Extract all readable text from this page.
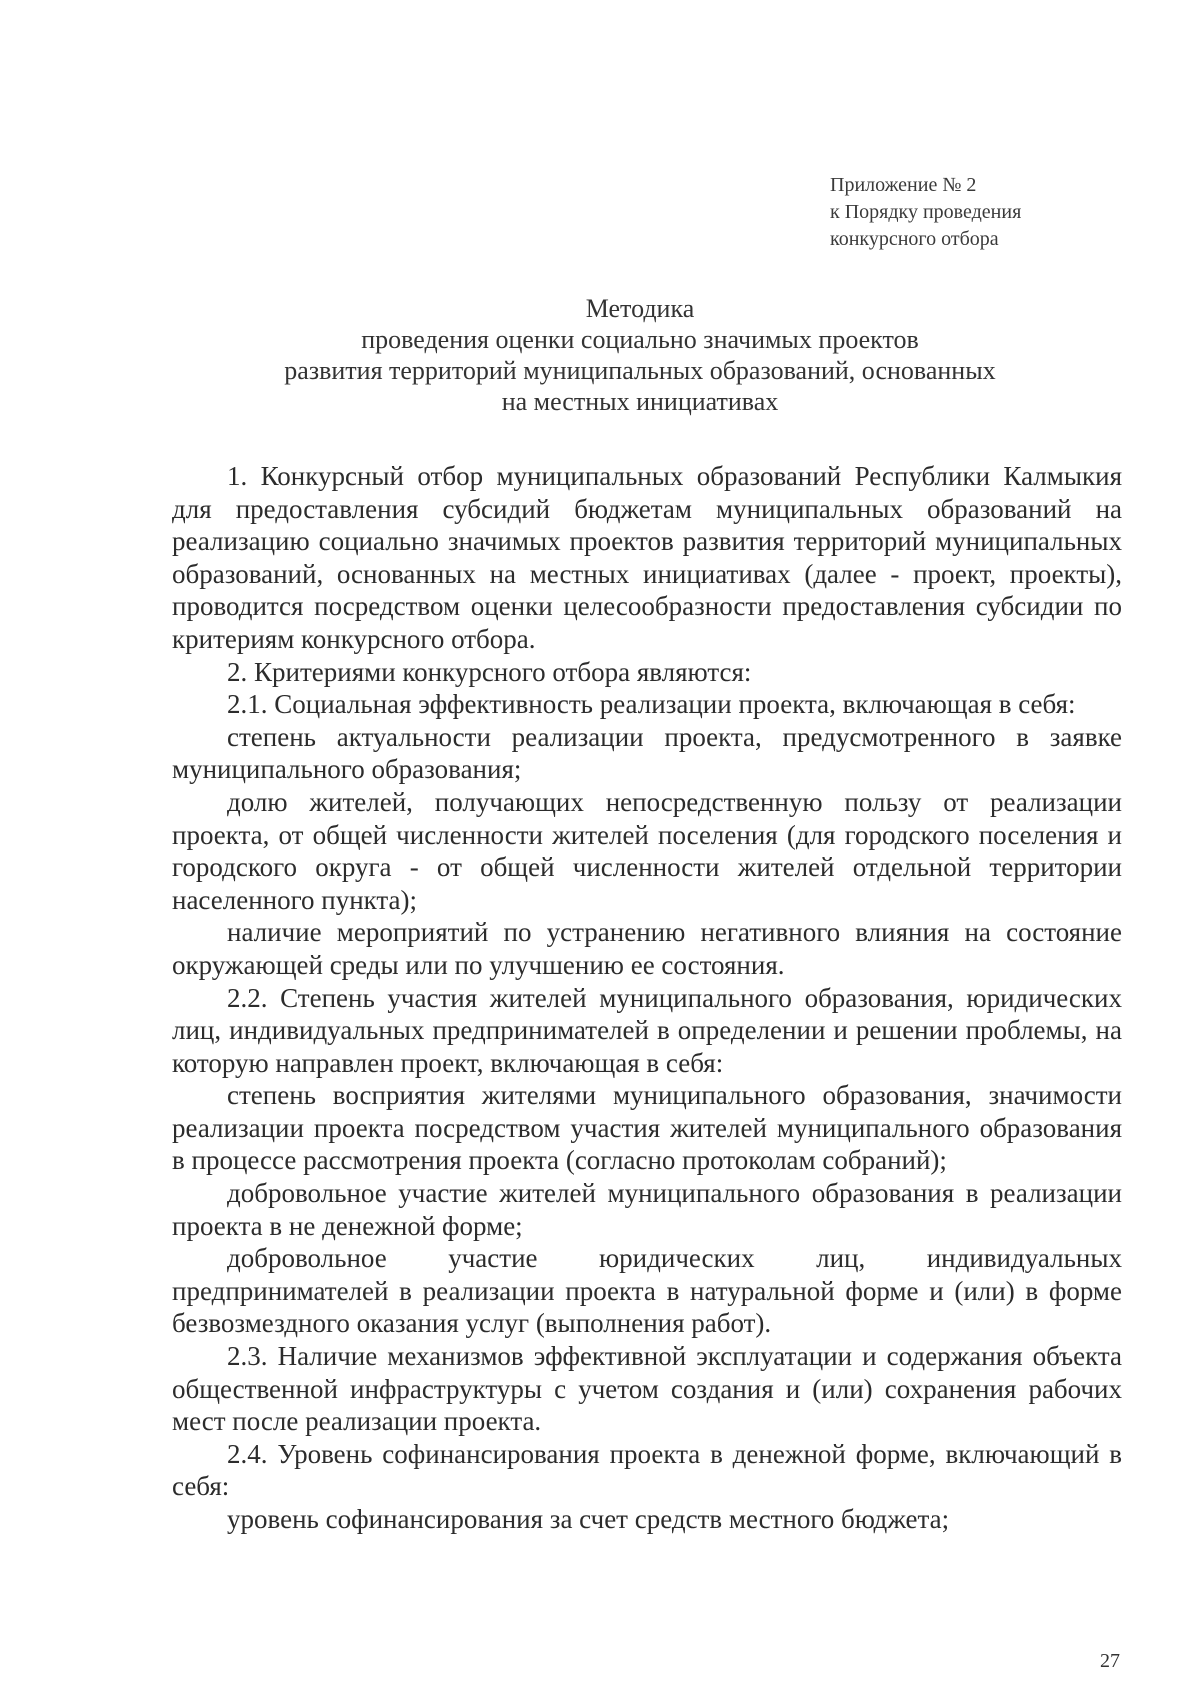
Приложение № 2
к Порядку проведения
конкурсного отбора
Методика
проведения оценки социально значимых проектов
развития территорий муниципальных образований, основанных
на местных инициативах

1. Конкурсный отбор муниципальных образований Республики Калмыкия для предоставления субсидий бюджетам муниципальных образований на реализацию социально значимых проектов развития территорий муниципальных образований, основанных на местных инициативах (далее - проект, проекты), проводится посредством оценки целесообразности предоставления субсидии по критериям конкурсного отбора.

2. Критериями конкурсного отбора являются:

2.1. Социальная эффективность реализации проекта, включающая в себя:

степень актуальности реализации проекта, предусмотренного в заявке муниципального образования;

долю жителей, получающих непосредственную пользу от реализации проекта, от общей численности жителей поселения (для городского поселения и городского округа - от общей численности жителей отдельной территории населенного пункта);

наличие мероприятий по устранению негативного влияния на состояние окружающей среды или по улучшению ее состояния.

2.2. Степень участия жителей муниципального образования, юридических лиц, индивидуальных предпринимателей в определении и решении проблемы, на которую направлен проект, включающая в себя:

степень восприятия жителями муниципального образования, значимости реализации проекта посредством участия жителей муниципального образования в процессе рассмотрения проекта (согласно протоколам собраний);

добровольное участие жителей муниципального образования в реализации проекта в не денежной форме;

добровольное участие юридических лиц, индивидуальных предпринимателей в реализации проекта в натуральной форме и (или) в форме безвозмездного оказания услуг (выполнения работ).

2.3. Наличие механизмов эффективной эксплуатации и содержания объекта общественной инфраструктуры с учетом создания и (или) сохранения рабочих мест после реализации проекта.

2.4. Уровень софинансирования проекта в денежной форме, включающий в себя:

уровень софинансирования за счет средств местного бюджета;

27
